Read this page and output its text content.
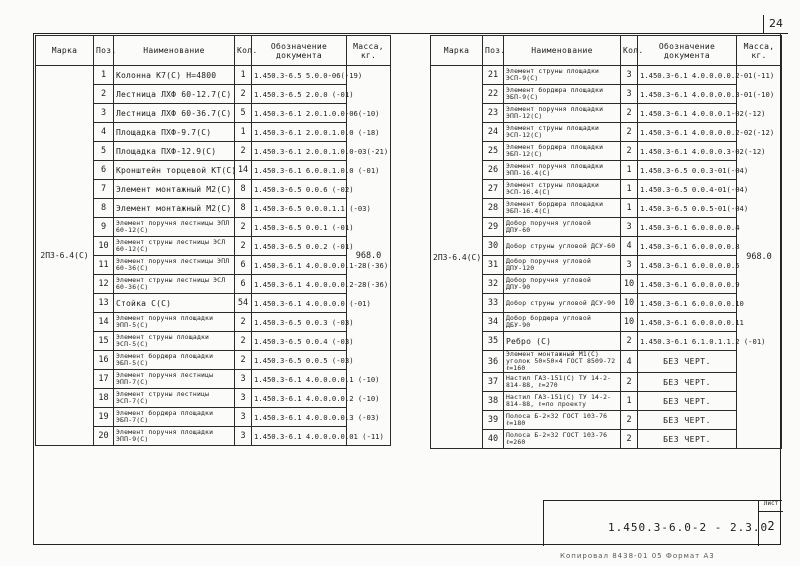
24
Марка	Поз.	Наименование	Кол.	Обозначение документа	Масса, кг.
2ПЗ-6.4(С)	1	Колонна К7(С) Н=4800	1	1.450.3-6.5 5.0.0-06(-19)	968.0
	2	Лестница ЛХФ 60-12.7(С)	2	1.450.3-6.5 2.0.0 (-01)	
	3	Лестница ЛХФ 60-36.7(С)	5	1.450.3-6.1 2.0.1.0.0-06(-10)	
	4	Площадка ПХФ-9.7(С)	1	1.450.3-6.1 2.0.0.1.0.0 (-18)	
	5	Площадка ПХФ-12.9(С)	2	1.450.3-6.1 2.0.0.1.0.0-03(-21)	
	6	Кронштейн торцевой КТ(С)	14	1.450.3-6.1 6.0.0.1.0.0 (-01)	
	7	Элемент монтажный М2(С)	8	1.450.3-6.5 0.0.6 (-02)	
	8	Элемент монтажный М2(С)	8	1.450.3-6.5 0.0.0.1.1 (-03)	
	9	Элемент поручня лестницы ЭПЛ 60-12(С)	2	1.450.3-6.5 0.0.1 (-01)	
	10	Элемент струны лестницы ЭСЛ 60-12(С)	2	1.450.3-6.5 0.0.2 (-01)	
	11	Элемент поручня лестницы ЭПЛ 60-36(С)	6	1.450.3-6.1 4.0.0.0.0.1-28(-36)	
	12	Элемент струны лестницы ЭСЛ 60-36(С)	6	1.450.3-6.1 4.0.0.0.0.2-28(-36)	
	13	Стойка С(С)	54	1.450.3-6.1 4.0.0.0.0 (-01)	
	14	Элемент поручня площадки ЭПП-5(С)	2	1.450.3-6.5 0.0.3 (-03)	
	15	Элемент струны площадки ЭСП-5(С)	2	1.450.3-6.5 0.0.4 (-03)	
	16	Элемент бордюра площадки ЭБП-5(С)	2	1.450.3-6.5 0.0.5 (-03)	
	17	Элемент поручня лестницы ЭПП-7(С)	3	1.450.3-6.1 4.0.0.0.0.1 (-10)	
	18	Элемент струны лестницы ЭСП-7(С)	3	1.450.3-6.1 4.0.0.0.0.2 (-10)	
	19	Элемент бордюра площадки ЭБП-7(С)	3	1.450.3-6.1 4.0.0.0.0.3 (-03)	
	20	Элемент поручня площадки ЭПП-9(С)	3	1.450.3-6.1 4.0.0.0.0.01 (-11)	
Марка	Поз.	Наименование	Кол.	Обозначение документа	Масса, кг.
2ПЗ-6.4(С)	21	Элемент струны площадки ЭСП-9(С)	3	1.450.3-6.1 4.0.0.0.0.2-01(-11)	968.0
	22	Элемент бордюра площадки ЭБП-9(С)	3	1.450.3-6.1 4.0.0.0.0.3-01(-10)	
	23	Элемент поручня площадки ЭПП-12(С)	2	1.450.3-6.1 4.0.0.0.1-02(-12)	
	24	Элемент струны площадки ЭСП-12(С)	2	1.450.3-6.1 4.0.0.0.0.2-02(-12)	
	25	Элемент бордюра площадки ЭБП-12(С)	2	1.450.3-6.1 4.0.0.0.3-02(-12)	
	26	Элемент поручня площадки ЭПП-16.4(С)	1	1.450.3-6.5 0.0.3-01(-04)	
	27	Элемент струны площадки ЭСП-16.4(С)	1	1.450.3-6.5 0.0.4-01(-04)	
	28	Элемент бордюра площадки ЭБП-16.4(С)	1	1.450.3-6.5 0.0.5-01(-04)	
	29	Добор поручня угловой ДПУ-60	3	1.450.3-6.1 6.0.0.0.0.4	
	30	Добор струны угловой ДСУ-60	4	1.450.3-6.1 6.0.0.0.0.8	
	31	Добор поручня угловой ДПУ-120	3	1.450.3-6.1 6.0.0.0.0.5	
	32	Добор поручня угловой ДПУ-90	10	1.450.3-6.1 6.0.0.0.0.9	
	33	Добор струны угловой ДСУ-90	10	1.450.3-6.1 6.0.0.0.0.10	
	34	Добор бордюра угловой ДБУ-90	10	1.450.3-6.1 6.0.0.0.0.11	
	35	Ребро (С)	2	1.450.3-6.1 6.1.0.1.1.2 (-01)	
	36	Элемент монтажный М1(С) уголок 50×50×4 ГОСТ 8509-72 ℓ=160	4	БЕЗ ЧЕРТ.	
	37	Настил ГАЗ-151(С) ТУ 14-2-814-88, ℓ=270	2	БЕЗ ЧЕРТ.	
	38	Настил ГАЗ-151(С) ТУ 14-2-814-88, ℓ=по проекту	1	БЕЗ ЧЕРТ.	
	39	Полоса Б-2×32 ГОСТ 103-76 ℓ=180	2	БЕЗ ЧЕРТ.	
	40	Полоса Б-2×32 ГОСТ 103-76 ℓ=260	2	БЕЗ ЧЕРТ.	
1.450.3-6.0-2 - 2.3.0
Лист
2
Копировал 8438-01 05 Формат А3
